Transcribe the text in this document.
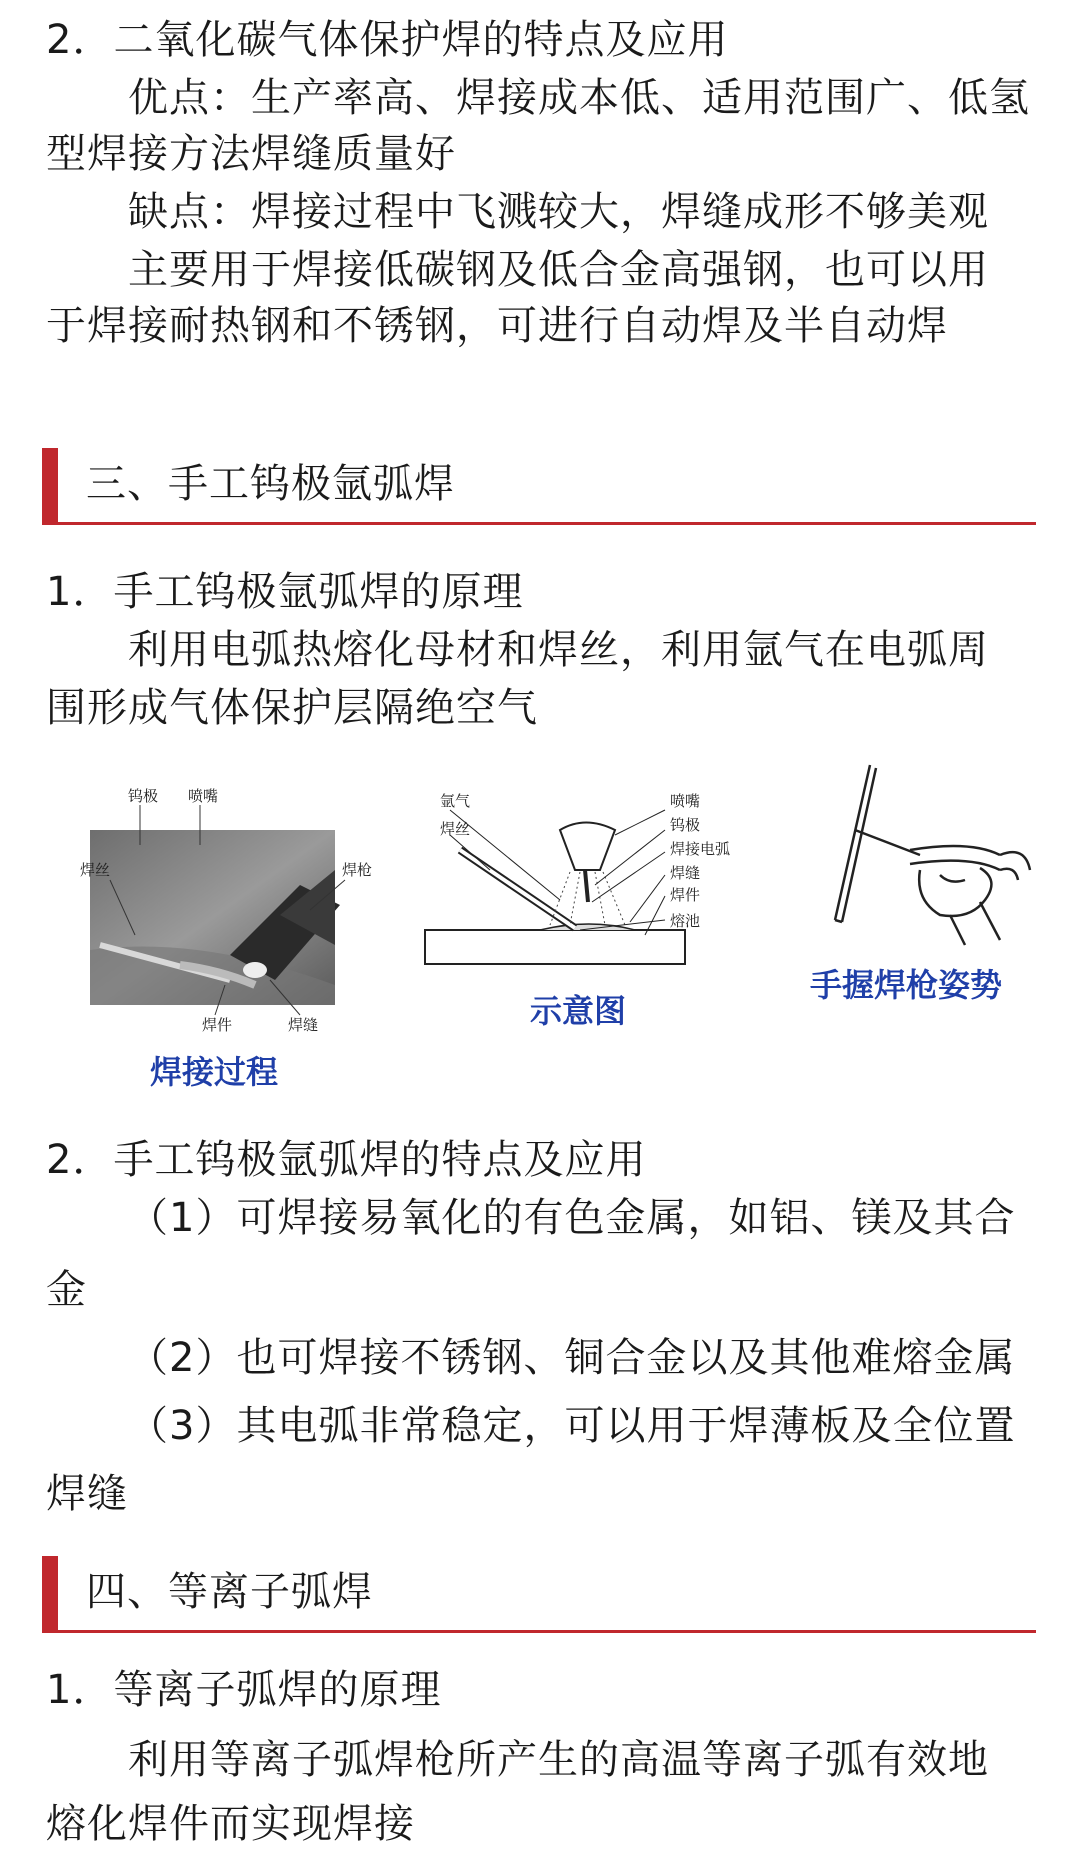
2．二氧化碳气体保护焊的特点及应用
优点：生产率高、焊接成本低、适用范围广、低氢
型焊接方法焊缝质量好
缺点：焊接过程中飞溅较大，焊缝成形不够美观
主要用于焊接低碳钢及低合金高强钢，也可以用
于焊接耐热钢和不锈钢，可进行自动焊及半自动焊
三、手工钨极氩弧焊
1．手工钨极氩弧焊的原理
利用电弧热熔化母材和焊丝，利用氩气在电弧周
围形成气体保护层隔绝空气
钨极 喷嘴
焊丝	焊枪
焊件	焊缝
焊接过程
氩气
焊丝
喷嘴
钨极
焊接电弧
焊缝
焊件
熔池
示意图
手握焊枪姿势
2．手工钨极氩弧焊的特点及应用
（1）可焊接易氧化的有色金属，如铝、镁及其合
金
（2）也可焊接不锈钢、铜合金以及其他难熔金属
（3）其电弧非常稳定，可以用于焊薄板及全位置
焊缝
四、等离子弧焊
1．等离子弧焊的原理
利用等离子弧焊枪所产生的高温等离子弧有效地
熔化焊件而实现焊接
